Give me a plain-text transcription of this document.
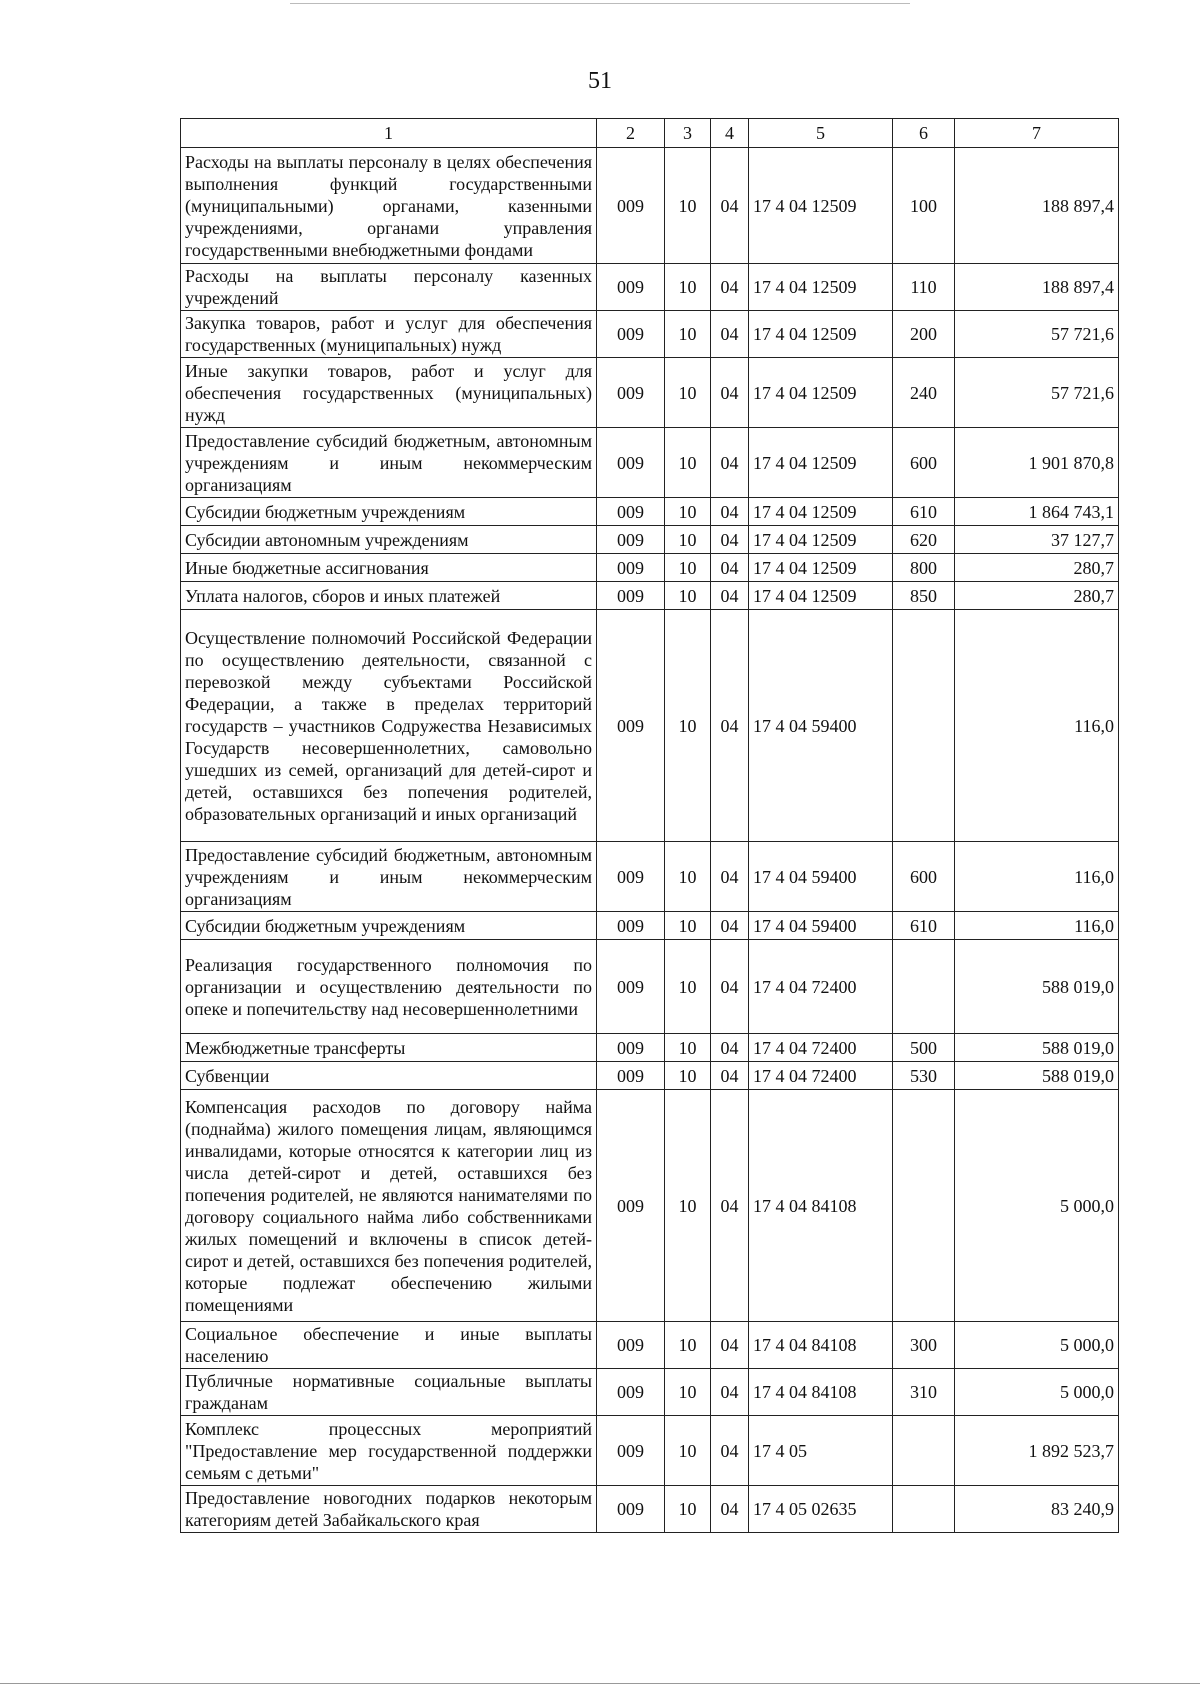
51
1	2	3	4	5	6	7
Расходы на выплаты персоналу в целях обеспечения выполнения функций государственными (муниципальными) органами, казенными учреждениями, органами управления государственными внебюджетными фондами	009	10	04	17 4 04 12509	100	188 897,4
Расходы на выплаты персоналу казенных учреждений	009	10	04	17 4 04 12509	110	188 897,4
Закупка товаров, работ и услуг для обеспечения государственных (муниципальных) нужд	009	10	04	17 4 04 12509	200	57 721,6
Иные закупки товаров, работ и услуг для обеспечения государственных (муниципальных) нужд	009	10	04	17 4 04 12509	240	57 721,6
Предоставление субсидий бюджетным, автономным учреждениям и иным некоммерческим организациям	009	10	04	17 4 04 12509	600	1 901 870,8
Субсидии бюджетным учреждениям	009	10	04	17 4 04 12509	610	1 864 743,1
Субсидии автономным учреждениям	009	10	04	17 4 04 12509	620	37 127,7
Иные бюджетные ассигнования	009	10	04	17 4 04 12509	800	280,7
Уплата налогов, сборов и иных платежей	009	10	04	17 4 04 12509	850	280,7
Осуществление полномочий Российской Федерации по осуществлению деятельности, связанной с перевозкой между субъектами Российской Федерации, а также в пределах территорий государств – участников Содружества Независимых Государств несовершеннолетних, самовольно ушедших из семей, организаций для детей-сирот и детей, оставшихся без попечения родителей, образовательных организаций и иных организаций	009	10	04	17 4 04 59400		116,0
Предоставление субсидий бюджетным, автономным учреждениям и иным некоммерческим организациям	009	10	04	17 4 04 59400	600	116,0
Субсидии бюджетным учреждениям	009	10	04	17 4 04 59400	610	116,0
Реализация государственного полномочия по организации и осуществлению деятельности по опеке и попечительству над несовершеннолетними	009	10	04	17 4 04 72400		588 019,0
Межбюджетные трансферты	009	10	04	17 4 04 72400	500	588 019,0
Субвенции	009	10	04	17 4 04 72400	530	588 019,0
Компенсация расходов по договору найма (поднайма) жилого помещения лицам, являющимся инвалидами, которые относятся к категории лиц из числа детей-сирот и детей, оставшихся без попечения родителей, не являются нанимателями по договору социального найма либо собственниками жилых помещений и включены в список детей-сирот и детей, оставшихся без попечения родителей, которые подлежат обеспечению жилыми помещениями	009	10	04	17 4 04 84108		5 000,0
Социальное обеспечение и иные выплаты населению	009	10	04	17 4 04 84108	300	5 000,0
Публичные нормативные социальные выплаты гражданам	009	10	04	17 4 04 84108	310	5 000,0
Комплекс процессных мероприятий "Предоставление мер государственной поддержки семьям с детьми"	009	10	04	17 4 05		1 892 523,7
Предоставление новогодних подарков некоторым категориям детей Забайкальского края	009	10	04	17 4 05 02635		83 240,9
